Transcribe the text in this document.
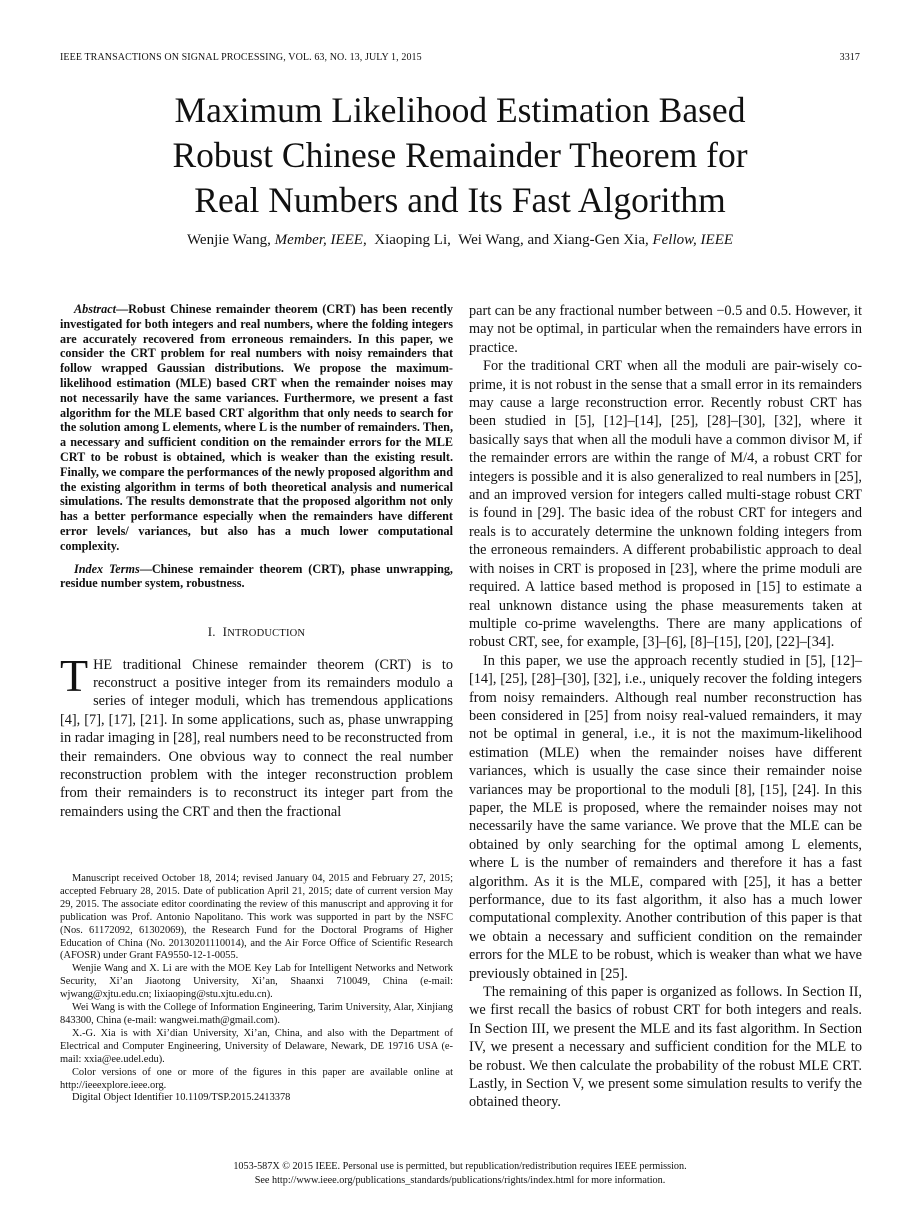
IEEE TRANSACTIONS ON SIGNAL PROCESSING, VOL. 63, NO. 13, JULY 1, 2015	3317
Maximum Likelihood Estimation Based
Robust Chinese Remainder Theorem for
Real Numbers and Its Fast Algorithm
Wenjie Wang, Member, IEEE,  Xiaoping Li,  Wei Wang, and Xiang-Gen Xia, Fellow, IEEE

Abstract—Robust Chinese remainder theorem (CRT) has been recently investigated for both integers and real numbers, where the folding integers are accurately recovered from erroneous remainders. In this paper, we consider the CRT problem for real numbers with noisy remainders that follow wrapped Gaussian distributions. We propose the maximum-likelihood estimation (MLE) based CRT when the remainder noises may not necessarily have the same variances. Furthermore, we present a fast algorithm for the MLE based CRT algorithm that only needs to search for the solution among L elements, where L is the number of remainders. Then, a necessary and sufficient condition on the remainder errors for the MLE CRT to be robust is obtained, which is weaker than the existing result. Finally, we compare the performances of the newly proposed algorithm and the existing algorithm in terms of both theoretical analysis and numerical simulations. The results demonstrate that the proposed algorithm not only has a better performance especially when the remainders have different error levels/ variances, but also has a much lower computational complexity.

Index Terms—Chinese remainder theorem (CRT), phase unwrapping, residue number system, robustness.

I. INTRODUCTION

THE traditional Chinese remainder theorem (CRT) is to reconstruct a positive integer from its remainders modulo a series of integer moduli, which has tremendous applications [4], [7], [17], [21]. In some applications, such as, phase unwrapping in radar imaging in [28], real numbers need to be reconstructed from their remainders. One obvious way to connect the real number reconstruction problem with the integer reconstruction problem from their remainders is to reconstruct its integer part from the remainders using the CRT and then the fractional

Manuscript received October 18, 2014; revised January 04, 2015 and February 27, 2015; accepted February 28, 2015. Date of publication April 21, 2015; date of current version May 29, 2015. The associate editor coordinating the review of this manuscript and approving it for publication was Prof. Antonio Napolitano. This work was supported in part by the NSFC (Nos. 61172092, 61302069), the Research Fund for the Doctoral Programs of Higher Education of China (No. 20130201110014), and the Air Force Office of Scientific Research (AFOSR) under Grant FA9550-12-1-0055.

Wenjie Wang and X. Li are with the MOE Key Lab for Intelligent Networks and Network Security, Xi’an Jiaotong University, Xi’an, Shaanxi 710049, China (e-mail: wjwang@xjtu.edu.cn; lixiaoping@stu.xjtu.edu.cn).

Wei Wang is with the College of Information Engineering, Tarim University, Alar, Xinjiang 843300, China (e-mail: wangwei.math@gmail.com).

X.-G. Xia is with Xi’dian University, Xi’an, China, and also with the Department of Electrical and Computer Engineering, University of Delaware, Newark, DE 19716 USA (e-mail: xxia@ee.udel.edu).

Color versions of one or more of the figures in this paper are available online at http://ieeexplore.ieee.org.

Digital Object Identifier 10.1109/TSP.2015.2413378

part can be any fractional number between −0.5 and 0.5. However, it may not be optimal, in particular when the remainders have errors in practice.

For the traditional CRT when all the moduli are pair-wisely co-prime, it is not robust in the sense that a small error in its remainders may cause a large reconstruction error. Recently robust CRT has been studied in [5], [12]–[14], [25], [28]–[30], [32], where it basically says that when all the moduli have a common divisor M, if the remainder errors are within the range of M/4, a robust CRT for integers is possible and it is also generalized to real numbers in [25], and an improved version for integers called multi-stage robust CRT is found in [29]. The basic idea of the robust CRT for integers and reals is to accurately determine the unknown folding integers from the erroneous remainders. A different probabilistic approach to deal with noises in CRT is proposed in [23], where the prime moduli are required. A lattice based method is proposed in [15] to estimate a real unknown distance using the phase measurements taken at multiple co-prime wavelengths. There are many applications of robust CRT, see, for example, [3]–[6], [8]–[15], [20], [22]–[34].

In this paper, we use the approach recently studied in [5], [12]–[14], [25], [28]–[30], [32], i.e., uniquely recover the folding integers from noisy remainders. Although real number reconstruction has been considered in [25] from noisy real-valued remainders, it may not be optimal in general, i.e., it is not the maximum-likelihood estimation (MLE) when the remainder noises have different variances, which is usually the case since their remainder noise variances may be proportional to the moduli [8], [15], [24]. In this paper, the MLE is proposed, where the remainder noises may not necessarily have the same variance. We prove that the MLE can be obtained by only searching for the optimal among L elements, where L is the number of remainders and therefore it has a fast algorithm. As it is the MLE, compared with [25], it has a better performance, due to its fast algorithm, it also has a much lower computational complexity. Another contribution of this paper is that we obtain a necessary and sufficient condition on the remainder errors for the MLE to be robust, which is weaker than what we have previously obtained in [25].

The remaining of this paper is organized as follows. In Section II, we first recall the basics of robust CRT for both integers and reals. In Section III, we present the MLE and its fast algorithm. In Section IV, we present a necessary and sufficient condition for the MLE to be robust. We then calculate the probability of the robust MLE CRT. Lastly, in Section V, we present some simulation results to verify the obtained theory.

1053-587X © 2015 IEEE. Personal use is permitted, but republication/redistribution requires IEEE permission.
See http://www.ieee.org/publications_standards/publications/rights/index.html for more information.
